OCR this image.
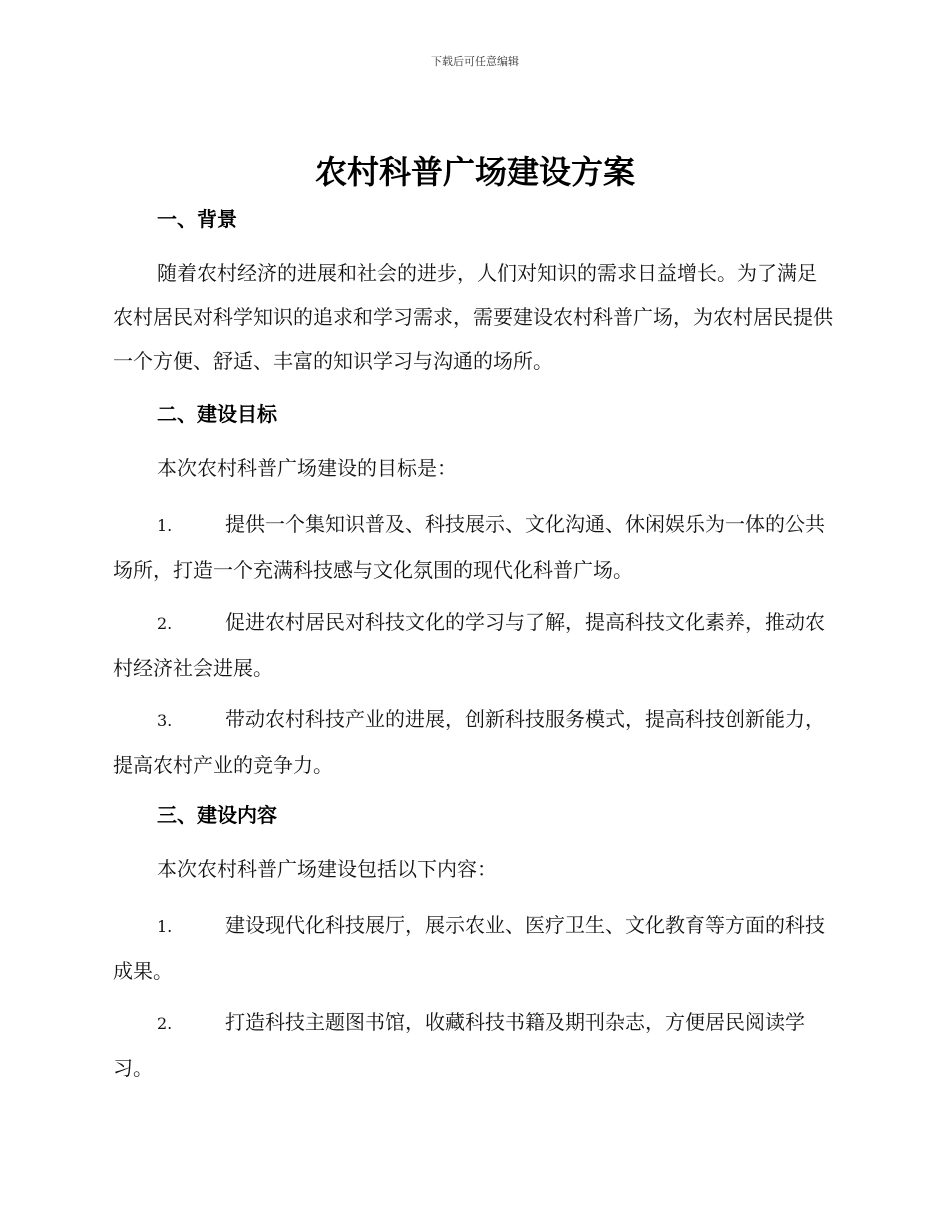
下载后可任意编辑
农村科普广场建设方案

一、背景

随着农村经济的进展和社会的进步，人们对知识的需求日益增长。为了满足农村居民对科学知识的追求和学习需求，需要建设农村科普广场，为农村居民提供一个方便、舒适、丰富的知识学习与沟通的场所。

二、建设目标

本次农村科普广场建设的目标是：

1.	提供一个集知识普及、科技展示、文化沟通、休闲娱乐为一体的公共场所，打造一个充满科技感与文化氛围的现代化科普广场。
2.	促进农村居民对科技文化的学习与了解，提高科技文化素养，推动农村经济社会进展。
3.	带动农村科技产业的进展，创新科技服务模式，提高科技创新能力，提高农村产业的竞争力。

三、建设内容

本次农村科普广场建设包括以下内容：

1.	建设现代化科技展厅，展示农业、医疗卫生、文化教育等方面的科技成果。
2.	打造科技主题图书馆，收藏科技书籍及期刊杂志，方便居民阅读学习。
